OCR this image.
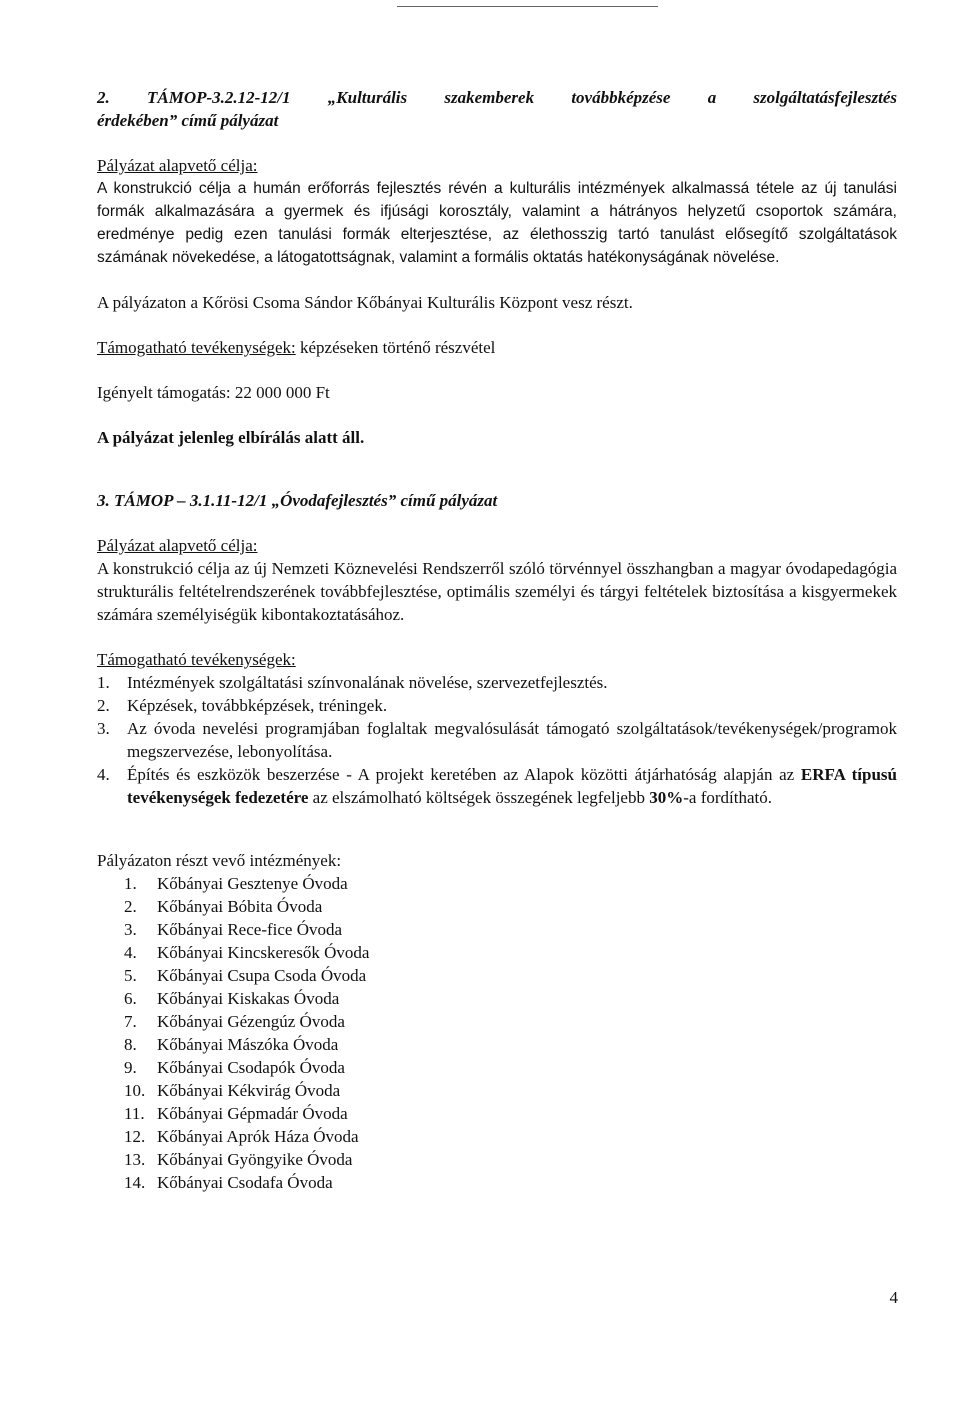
2. TÁMOP-3.2.12-12/1 „Kulturális szakemberek továbbképzése a szolgáltatásfejlesztés
érdekében” című pályázat
Pályázat alapvető célja:

A konstrukció célja a humán erőforrás fejlesztés révén a kulturális intézmények alkalmassá tétele az új tanulási formák alkalmazására a gyermek és ifjúsági korosztály, valamint a hátrányos helyzetű csoportok számára, eredménye pedig ezen tanulási formák elterjesztése, az élethosszig tartó tanulást elősegítő szolgáltatások számának növekedése, a látogatottságnak, valamint a formális oktatás hatékonyságának növelése.

A pályázaton a Kőrösi Csoma Sándor Kőbányai Kulturális Központ vesz részt.

Támogatható tevékenységek: képzéseken történő részvétel

Igényelt támogatás: 22 000 000 Ft

A pályázat jelenleg elbírálás alatt áll.

3. TÁMOP – 3.1.11-12/1 „Óvodafejlesztés” című pályázat
Pályázat alapvető célja:

A konstrukció célja az új Nemzeti Köznevelési Rendszerről szóló törvénnyel összhangban a magyar óvodapedagógia strukturális feltételrendszerének továbbfejlesztése, optimális személyi és tárgyi feltételek biztosítása a kisgyermekek számára személyiségük kibontakoztatásához.

Támogatható tevékenységek:
1.	Intézmények szolgáltatási színvonalának növelése, szervezetfejlesztés.
2.	Képzések, továbbképzések, tréningek.
3.	Az óvoda nevelési programjában foglaltak megvalósulását támogató szolgáltatások/tevékenységek/programok megszervezése, lebonyolítása.
4.	Építés és eszközök beszerzése - A projekt keretében az Alapok közötti átjárhatóság alapján az ERFA típusú tevékenységek fedezetére az elszámolható költségek összegének legfeljebb 30%-a fordítható.
Pályázaton részt vevő intézmények:
1.	Kőbányai Gesztenye Óvoda
2.	Kőbányai Bóbita Óvoda
3.	Kőbányai Rece-fice Óvoda
4.	Kőbányai Kincskeresők Óvoda
5.	Kőbányai Csupa Csoda Óvoda
6.	Kőbányai Kiskakas Óvoda
7.	Kőbányai Gézengúz Óvoda
8.	Kőbányai Mászóka Óvoda
9.	Kőbányai Csodapók Óvoda
10. Kőbányai Kékvirág Óvoda
11. Kőbányai Gépmadár Óvoda
12. Kőbányai Aprók Háza Óvoda
13. Kőbányai Gyöngyike Óvoda
14. Kőbányai Csodafa Óvoda
4
